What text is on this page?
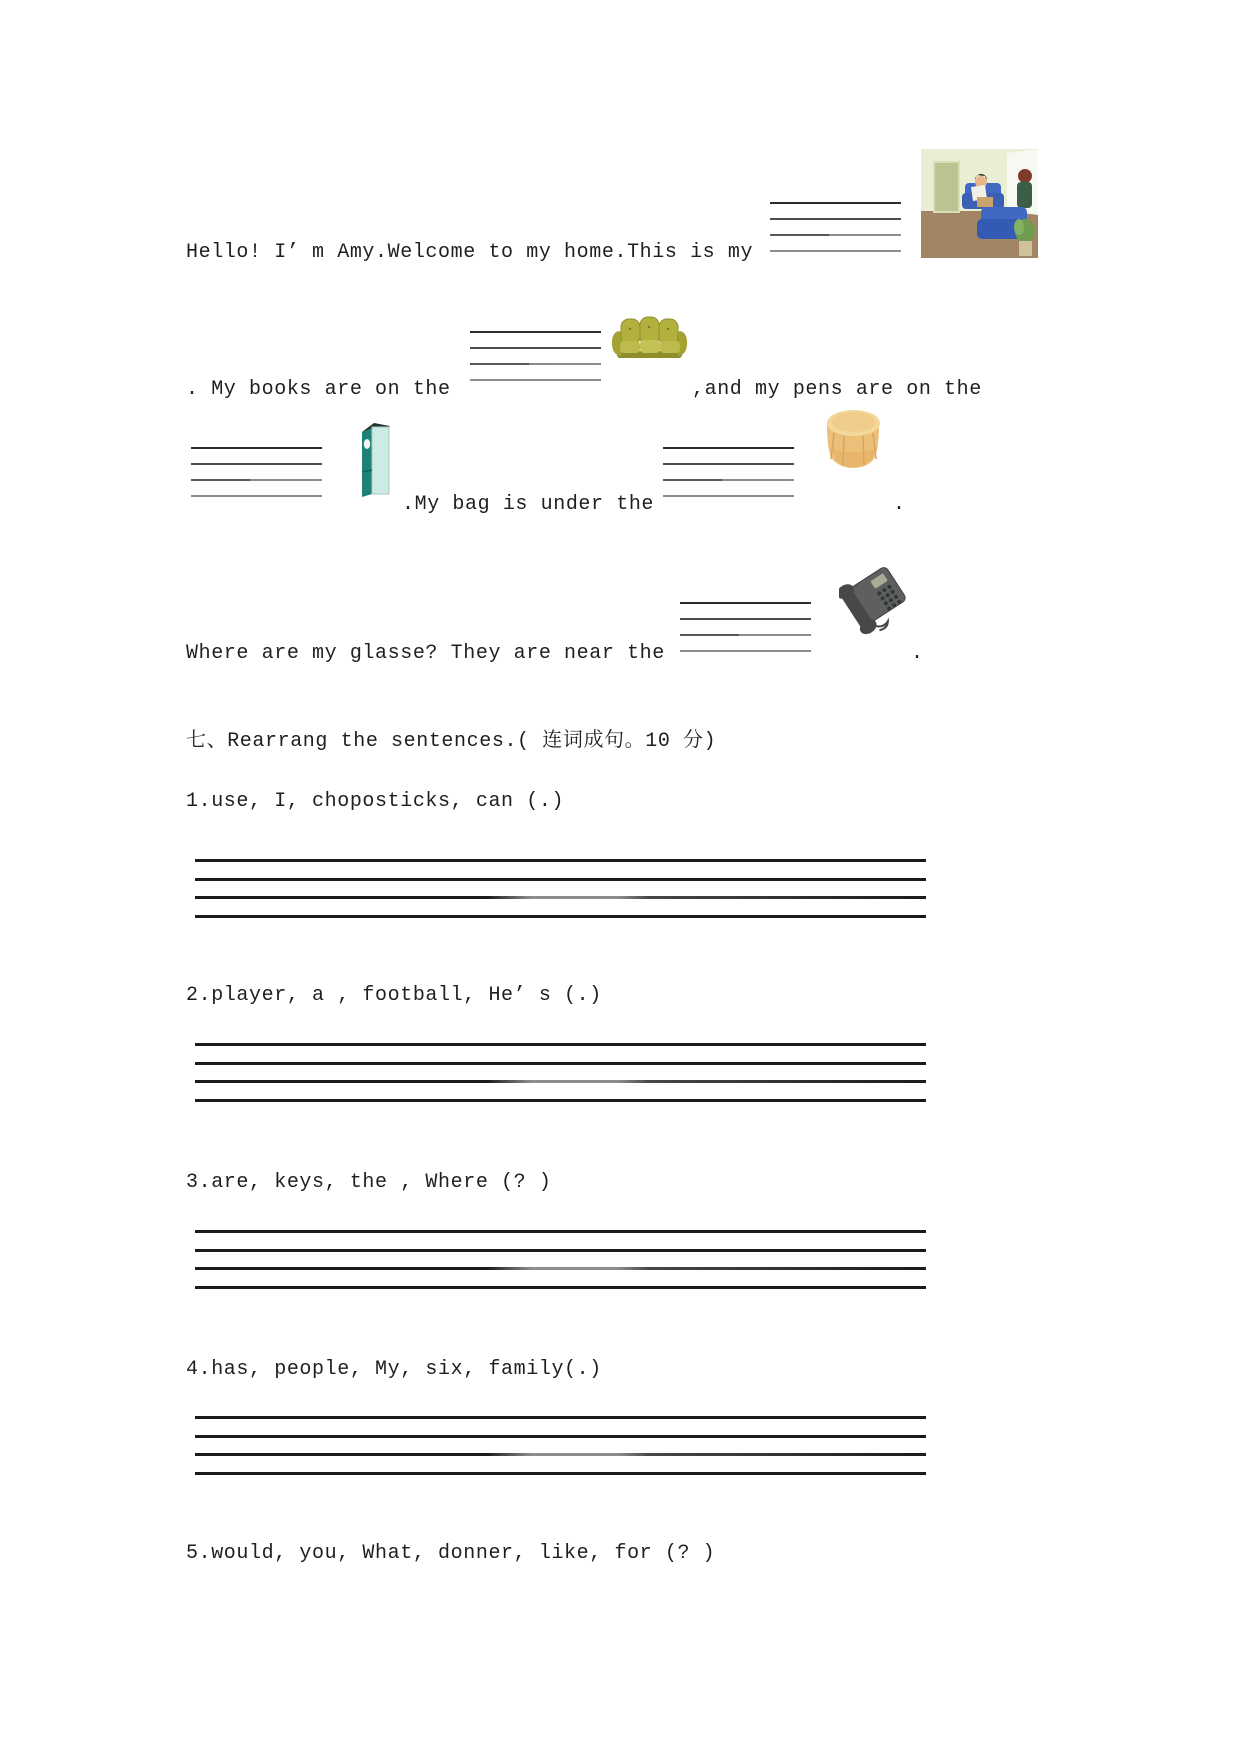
Hello! I’ m Amy.Welcome to my home.This is my
. My books are on the	,and my pens are on the
.My bag is under the	.
Where are my glasse? They are near the	.
七、Rearrang the sentences.( 连词成句。10 分)
1.use, I, choposticks, can (.)
2.player, a , football, He’ s (.)
3.are, keys, the , Where (? )
4.has, people, My, six, family(.)
5.would, you, What, donner, like, for (? )
